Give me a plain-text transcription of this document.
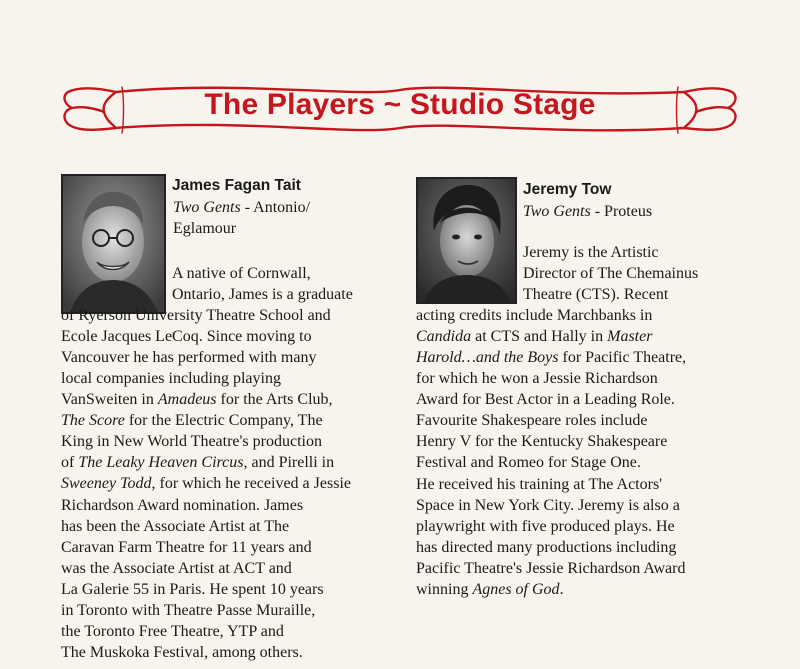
The Players ~ Studio Stage
James Fagan Tait
Two Gents - Antonio/
Eglamour
A native of Cornwall,
Ontario, James is a graduate
of Ryerson University Theatre School and
Ecole Jacques LeCoq. Since moving to
Vancouver he has performed with many
local companies including playing
VanSweiten in Amadeus for the Arts Club,
The Score for the Electric Company, The
King in New World Theatre's production
of The Leaky Heaven Circus, and Pirelli in
Sweeney Todd, for which he received a Jessie
Richardson Award nomination. James
has been the Associate Artist at The
Caravan Farm Theatre for 11 years and
was the Associate Artist at ACT and
La Galerie 55 in Paris. He spent 10 years
in Toronto with Theatre Passe Muraille,
the Toronto Free Theatre, YTP and
The Muskoka Festival, among others.
Jeremy Tow
Two Gents - Proteus
Jeremy is the Artistic
Director of The Chemainus
Theatre (CTS). Recent
acting credits include Marchbanks in
Candida at CTS and Hally in Master
Harold…and the Boys for Pacific Theatre,
for which he won a Jessie Richardson
Award for Best Actor in a Leading Role.
Favourite Shakespeare roles include
Henry V for the Kentucky Shakespeare
Festival and Romeo for Stage One.
He received his training at The Actors'
Space in New York City. Jeremy is also a
playwright with five produced plays. He
has directed many productions including
Pacific Theatre's Jessie Richardson Award
winning Agnes of God.
